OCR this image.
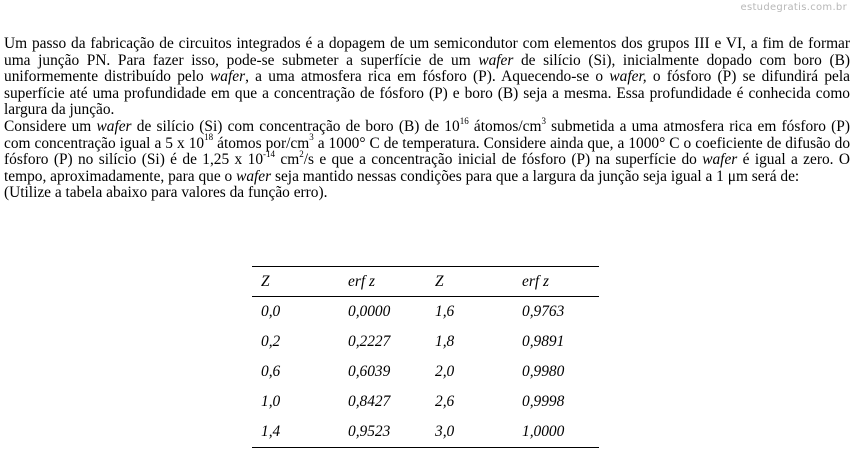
estudegratis.com.br

Um passo da fabricação de circuitos integrados é a dopagem de um semicondutor com elementos dos grupos III e VI, a fim de formar uma junção PN. Para fazer isso, pode-se submeter a superfície de um wafer de silício (Si), inicialmente dopado com boro (B) uniformemente distribuído pelo wafer, a uma atmosfera rica em fósforo (P). Aquecendo-se o wafer, o fósforo (P) se difundirá pela superfície até uma profundidade em que a concentração de fósforo (P) e boro (B) seja a mesma. Essa profundidade é conhecida como largura da junção.

Considere um wafer de silício (Si) com concentração de boro (B) de $10^{16}$ átomos/$cm^3$ submetida a uma atmosfera rica em fósforo (P) com concentração igual a 5 x $10^{18}$ átomos por/$cm^3$ a 1000° C de temperatura. Considere ainda que, a 1000° C o coeficiente de difusão do fósforo (P) no silício (Si) é de 1,25 x $10^{-14}$ $cm^2/s$ e que a concentração inicial de fósforo (P) na superfície do wafer é igual a zero. O tempo, aproximadamente, para que o wafer seja mantido nessas condições para que a largura da junção seja igual a 1 μm será de:

(Utilize a tabela abaixo para valores da função erro).

Z	erf z	Z	erf z
0,0	0,0000	1,6	0,9763
0,2	0,2227	1,8	0,9891
0,6	0,6039	2,0	0,9980
1,0	0,8427	2,6	0,9998
1,4	0,9523	3,0	1,0000
